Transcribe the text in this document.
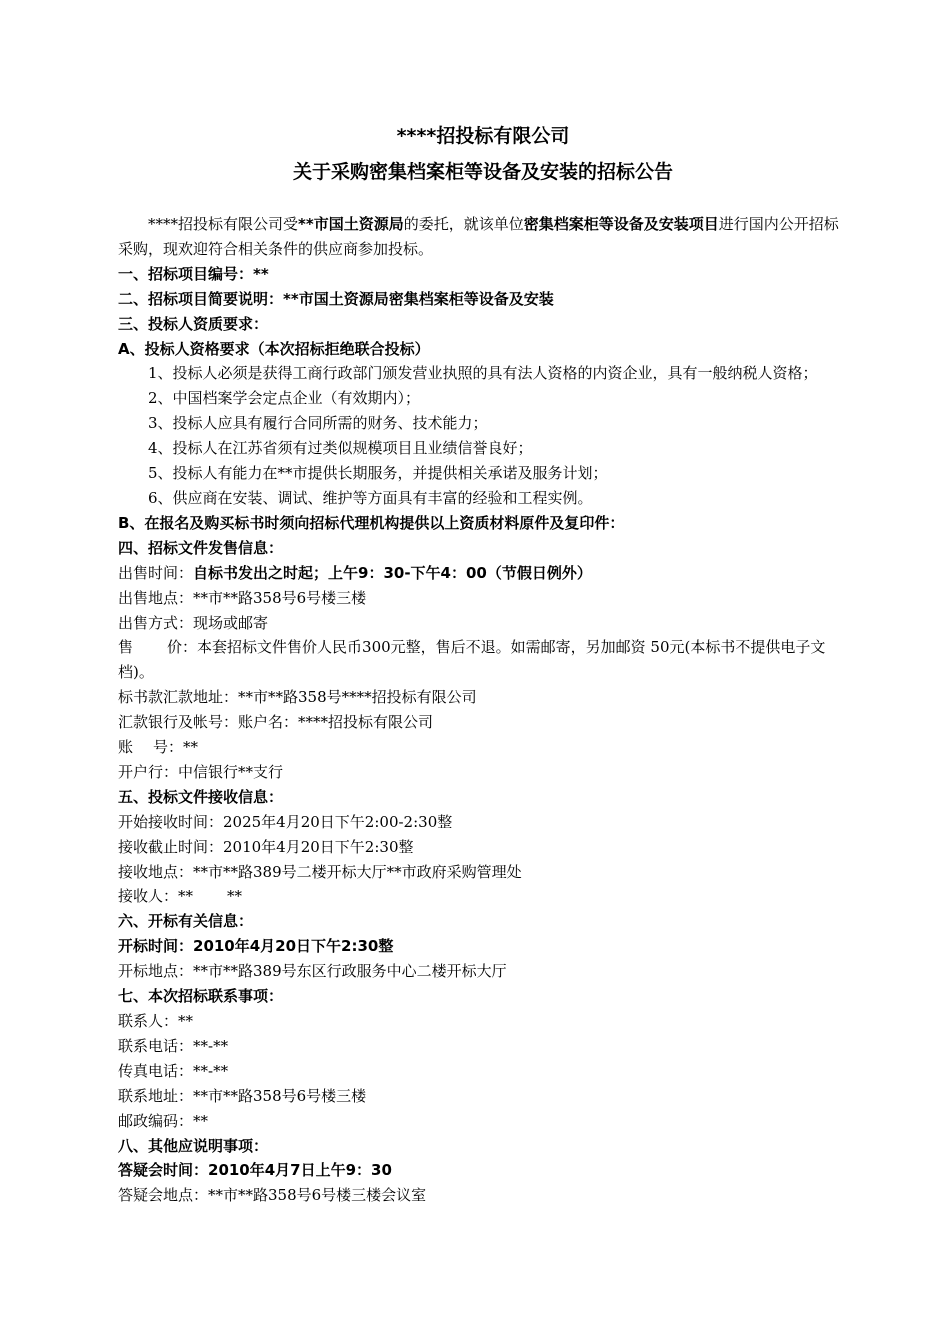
****招投标有限公司
关于采购密集档案柜等设备及安装的招标公告
****招投标有限公司受**市国土资源局的委托，就该单位密集档案柜等设备及安装项目进行国内公开招标采购，现欢迎符合相关条件的供应商参加投标。
一、招标项目编号：**
二、招标项目简要说明：**市国土资源局密集档案柜等设备及安装
三、投标人资质要求：
A、投标人资格要求（本次招标拒绝联合投标）
1、投标人必须是获得工商行政部门颁发营业执照的具有法人资格的内资企业，具有一般纳税人资格；
2、中国档案学会定点企业（有效期内）；
3、投标人应具有履行合同所需的财务、技术能力；
4、投标人在江苏省须有过类似规模项目且业绩信誉良好；
5、投标人有能力在**市提供长期服务，并提供相关承诺及服务计划；
6、供应商在安装、调试、维护等方面具有丰富的经验和工程实例。
B、在报名及购买标书时须向招标代理机构提供以上资质材料原件及复印件：
四、招标文件发售信息：
出售时间：自标书发出之时起；上午9：30-下午4：00（节假日例外）
出售地点：**市**路358号6号楼三楼
出售方式：现场或邮寄
售 价：本套招标文件售价人民币300元整，售后不退。如需邮寄，另加邮资 50元(本标书不提供电子文档)。
标书款汇款地址：**市**路358号****招投标有限公司
汇款银行及帐号：账户名：****招投标有限公司
账 号：**
开户行：中信银行**支行
五、投标文件接收信息：
开始接收时间：2025年4月20日下午2:00-2:30整
接收截止时间：2010年4月20日下午2:30整
接收地点：**市**路389号二楼开标大厅**市政府采购管理处
接收人：** **
六、开标有关信息：
开标时间：2010年4月20日下午2:30整
开标地点：**市**路389号东区行政服务中心二楼开标大厅
七、本次招标联系事项：
联系人：**
联系电话：**-**
传真电话：**-**
联系地址：**市**路358号6号楼三楼
邮政编码：**
八、其他应说明事项：
答疑会时间：2010年4月7日上午9：30
答疑会地点：**市**路358号6号楼三楼会议室
